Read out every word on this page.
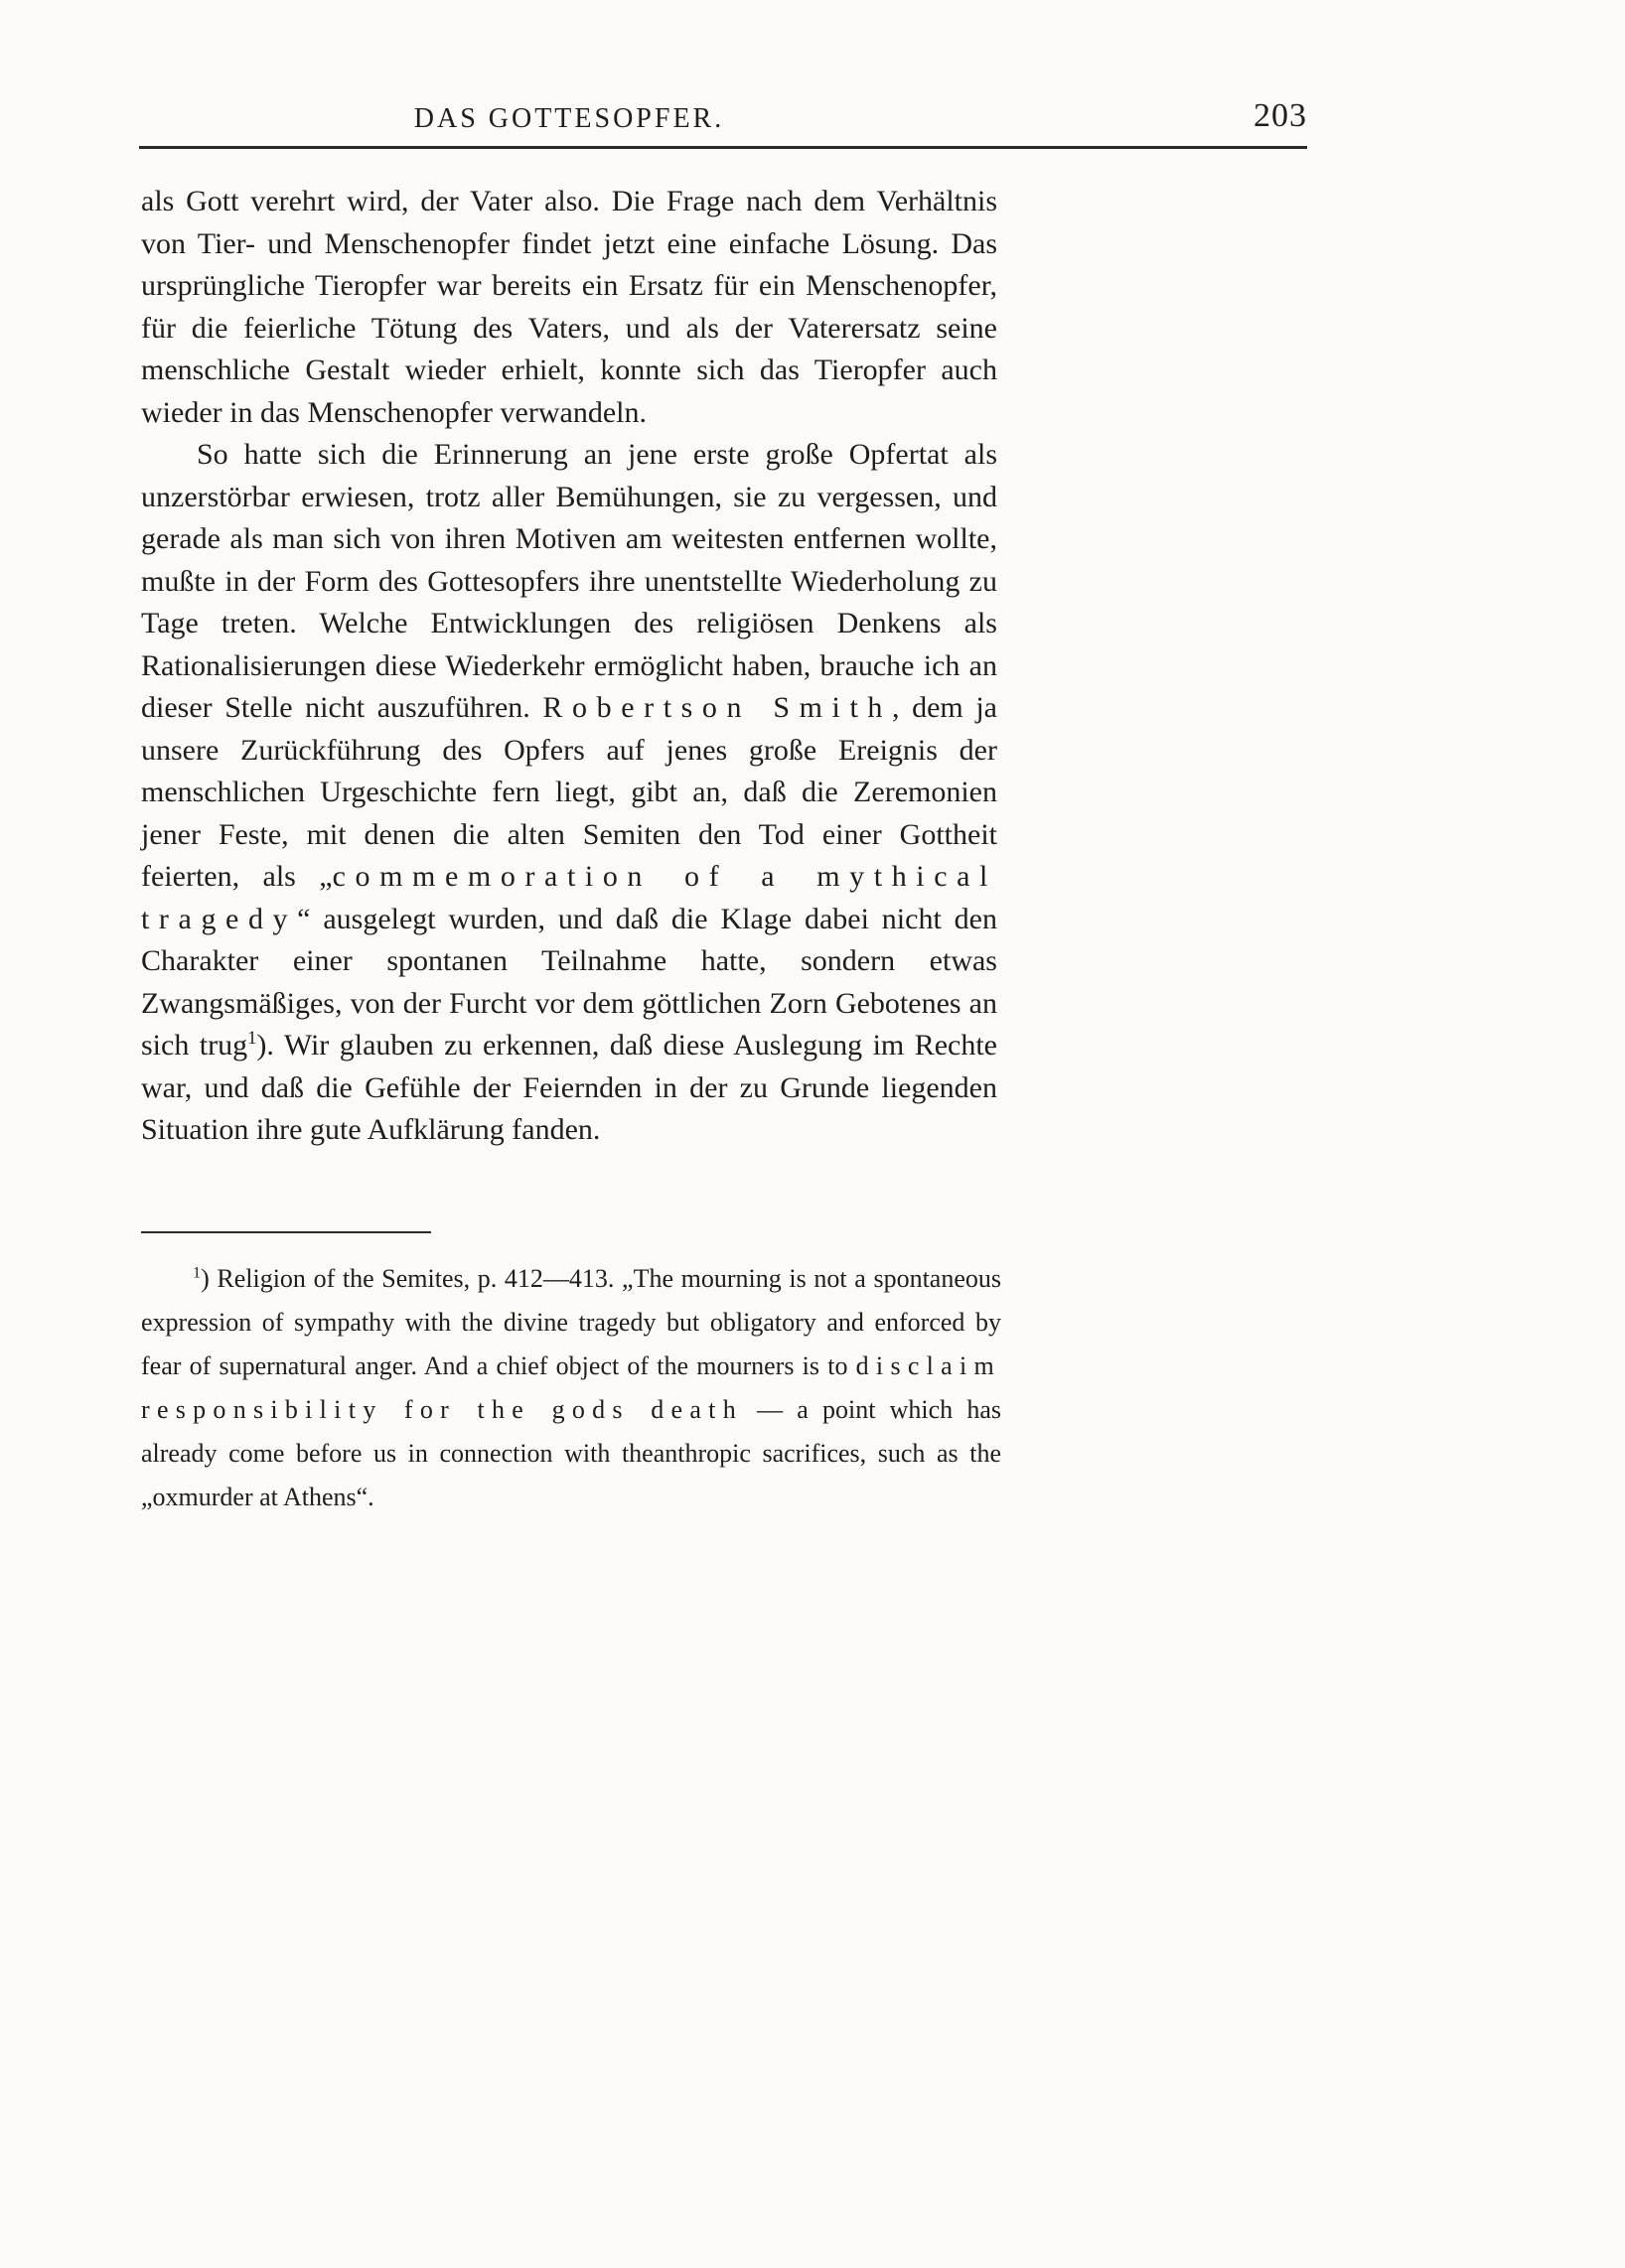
DAS GOTTESOPFER.	203

als Gott verehrt wird, der Vater also. Die Frage nach dem Verhältnis von Tier- und Menschenopfer findet jetzt eine einfache Lösung. Das ursprüngliche Tieropfer war bereits ein Ersatz für ein Menschenopfer, für die feierliche Tötung des Vaters, und als der Vaterersatz seine menschliche Gestalt wieder erhielt, konnte sich das Tieropfer auch wieder in das Menschenopfer verwandeln.

So hatte sich die Erinnerung an jene erste große Opfertat als unzerstörbar erwiesen, trotz aller Bemühungen, sie zu vergessen, und gerade als man sich von ihren Motiven am weitesten entfernen wollte, mußte in der Form des Gottesopfers ihre unentstellte Wiederholung zu Tage treten. Welche Entwicklungen des religiösen Denkens als Rationalisierungen diese Wiederkehr ermöglicht haben, brauche ich an dieser Stelle nicht auszuführen. Robertson Smith, dem ja unsere Zurückführung des Opfers auf jenes große Ereignis der menschlichen Urgeschichte fern liegt, gibt an, daß die Zeremonien jener Feste, mit denen die alten Semiten den Tod einer Gottheit feierten, als „commemoration of a mythical tragedy“ ausgelegt wurden, und daß die Klage dabei nicht den Charakter einer spontanen Teilnahme hatte, sondern etwas Zwangsmäßiges, von der Furcht vor dem göttlichen Zorn Gebotenes an sich trug$^1$). Wir glauben zu erkennen, daß diese Auslegung im Rechte war, und daß die Gefühle der Feiernden in der zu Grunde liegenden Situation ihre gute Aufklärung fanden.

$^1$) Religion of the Semites, p. 412—413. „The mourning is not a spontaneous expression of sympathy with the divine tragedy but obligatory and enforced by fear of supernatural anger. And a chief object of the mourners is to disclaim responsibility for the gods death — a point which has already come before us in connection with theanthropic sacrifices, such as the „oxmurder at Athens“.
